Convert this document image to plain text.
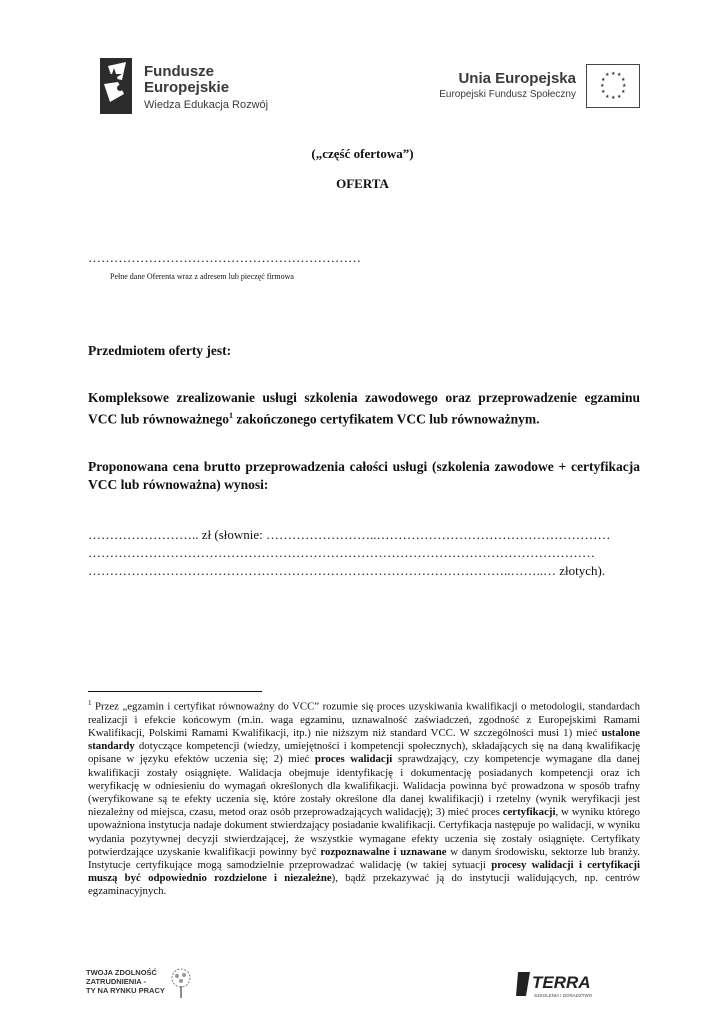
Fundusze
Europejskie
Wiedza Edukacja Rozwój
Unia Europejska
Europejski Fundusz Społeczny
★ ★
★
★
★
★
★
★
★
★
★
★
(„część ofertowa”)
OFERTA
………………………………………………………
Pełne dane Oferenta wraz z adresem lub pieczęć firmowa
Przedmiotem oferty jest:
Kompleksowe zrealizowanie usługi szkolenia zawodowego oraz przeprowadzenie egzaminu VCC lub równoważnego$^1$ zakończonego certyfikatem VCC lub równoważnym.
Proponowana cena brutto przeprowadzenia całości usługi (szkolenia zawodowe + certyfikacja VCC lub równoważna) wynosi:
…………………….. zł (słownie: ……………………..………………………………………………
………………………………………………………………………………………………………
……………………………………………………………………………………..……..… złotych).
$^1$ Przez „egzamin i certyfikat równoważny do VCC” rozumie się proces uzyskiwania kwalifikacji o metodologii, standardach realizacji i efekcie końcowym (m.in. waga egzaminu, uznawalność zaświadczeń, zgodność z Europejskimi Ramami Kwalifikacji, Polskimi Ramami Kwalifikacji, itp.) nie niższym niż standard VCC. W szczególności musi 1) mieć ustalone standardy dotyczące kompetencji (wiedzy, umiejętności i kompetencji społecznych), składających się na daną kwalifikację opisane w języku efektów uczenia się; 2) mieć proces walidacji sprawdzający, czy kompetencje wymagane dla danej kwalifikacji zostały osiągnięte. Walidacja obejmuje identyfikację i dokumentację posiadanych kompetencji oraz ich weryfikację w odniesieniu do wymagań określonych dla kwalifikacji. Walidacja powinna być prowadzona w sposób trafny (weryfikowane są te efekty uczenia się, które zostały określone dla danej kwalifikacji) i rzetelny (wynik weryfikacji jest niezależny od miejsca, czasu, metod oraz osób przeprowadzających walidację); 3) mieć proces certyfikacji, w wyniku którego upoważniona instytucja nadaje dokument stwierdzający posiadanie kwalifikacji. Certyfikacja następuje po walidacji, w wyniku wydania pozytywnej decyzji stwierdzającej, że wszystkie wymagane efekty uczenia się zostały osiągnięte. Certyfikaty potwierdzające uzyskanie kwalifikacji powinny być rozpoznawalne i uznawane w danym środowisku, sektorze lub branży. Instytucje certyfikujące mogą samodzielnie przeprowadzać walidację (w takiej sytuacji procesy walidacji i certyfikacji muszą być odpowiednio rozdzielone i niezależne), bądź przekazywać ją do instytucji walidujących, np. centrów egzaminacyjnych.
TWOJA ZDOLNOŚĆ
ZATRUDNIENIA -
TY NA RYNKU PRACY	TERRA
SZKOLENIA I DORADZTWO
